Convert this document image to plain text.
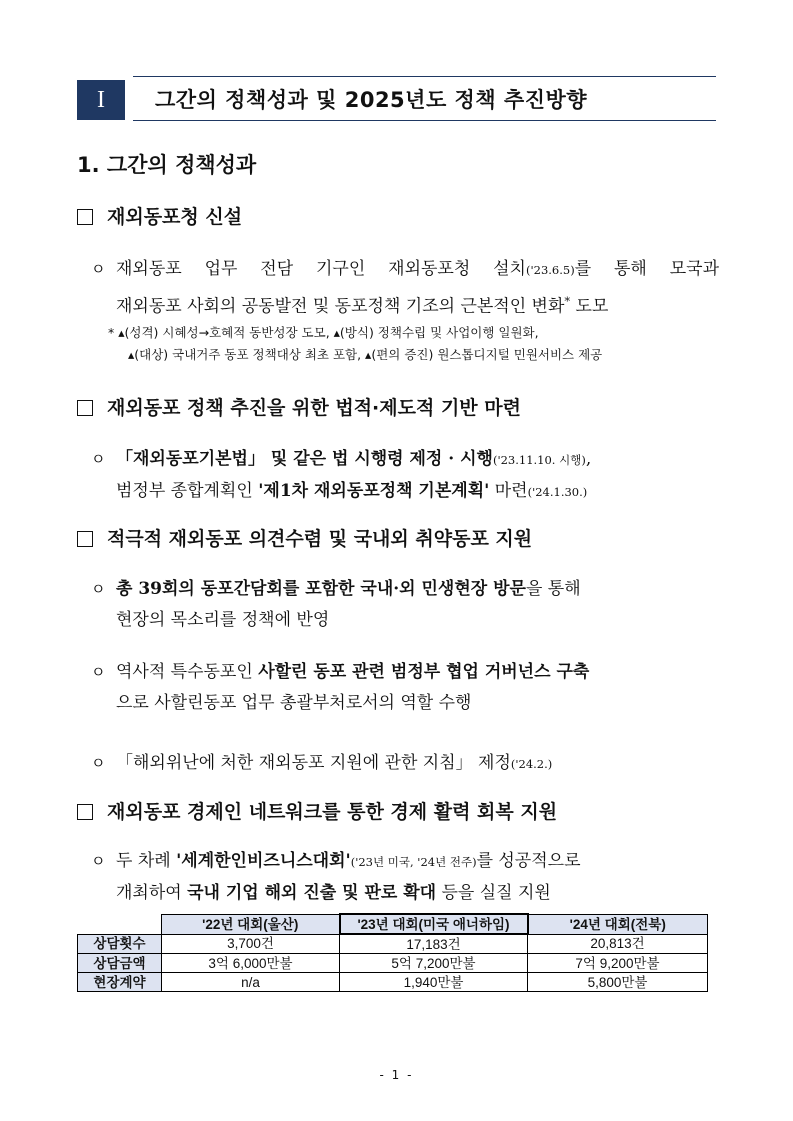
I	그간의 정책성과 및 2025년도 정책 추진방향
1. 그간의 정책성과
재외동포청 신설
ㅇ 재외동포 업무 전담 기구인 재외동포청 설치('23.6.5)를 통해 모국과
재외동포 사회의 공동발전 및 동포정책 기조의 근본적인 변화* 도모
* ▴(성격) 시혜성→호혜적 동반성장 도모, ▴(방식) 정책수립 및 사업이행 일원화,
▴(대상) 국내거주 동포 정책대상 최초 포함, ▴(편의 증진) 원스톱디지털 민원서비스 제공
재외동포 정책 추진을 위한 법적·제도적 기반 마련
ㅇ 「재외동포기본법」 및 같은 법 시행령 제정 · 시행('23.11.10. 시행),
범정부 종합계획인 '제1차 재외동포정책 기본계획' 마련('24.1.30.)
적극적 재외동포 의견수렴 및 국내외 취약동포 지원
ㅇ 총 39회의 동포간담회를 포함한 국내·외 민생현장 방문을 통해
현장의 목소리를 정책에 반영
ㅇ 역사적 특수동포인 사할린 동포 관련 범정부 협업 거버넌스 구축
으로 사할린동포 업무 총괄부처로서의 역할 수행
ㅇ 「해외위난에 처한 재외동포 지원에 관한 지침」 제정('24.2.)
재외동포 경제인 네트워크를 통한 경제 활력 회복 지원
ㅇ 두 차례 '세계한인비즈니스대회'('23년 미국, '24년 전주)를 성공적으로
개최하여 국내 기업 해외 진출 및 판로 확대 등을 실질 지원
	'22년 대회(울산)	'23년 대회(미국 애너하임)	'24년 대회(전북)
상담횟수	3,700건	17,183건	20,813건
상담금액	3억 6,000만불	5억 7,200만불	7억 9,200만불
현장계약	n/a	1,940만불	5,800만불
- 1 -
